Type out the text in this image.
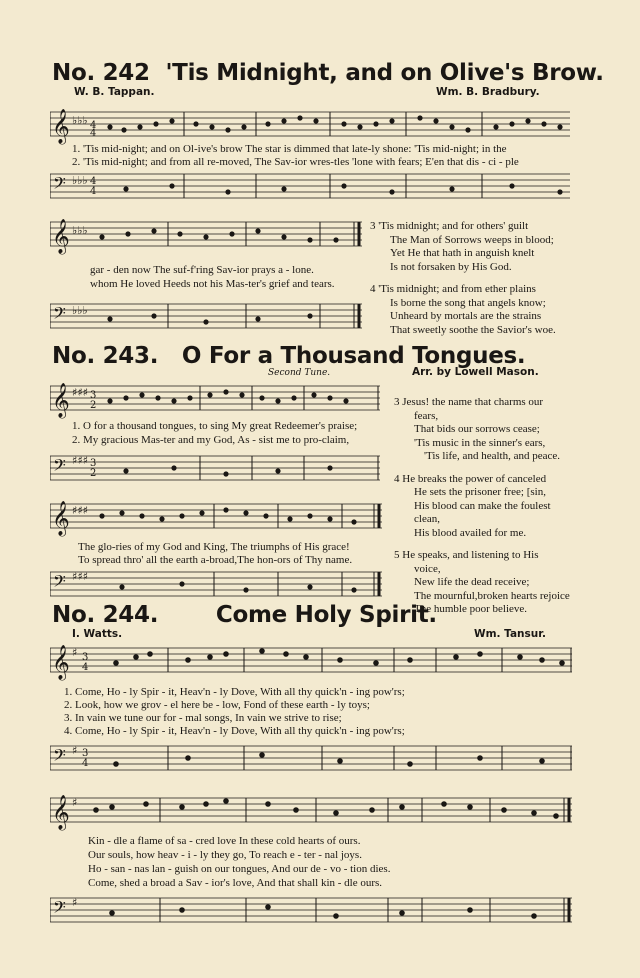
No. 242 'Tis Midnight, and on Olive's Brow.
W. B. Tappan.	Wm. B. Bradbury.
𝄞 ♭♭♭ 4
4
1. 'Tis mid-night; and on Ol-ive's brow The star is dimmed that late-ly shone: 'Tis mid-night; in the
2. 'Tis mid-night; and from all re-moved, The Sav-ior wres-tles 'lone with fears; E'en that dis - ci - ple
𝄢 ♭♭♭ 4
4
𝄞 ♭♭♭
gar - den now The suf-f'ring Sav-ior prays a - lone.
whom He loved Heeds not his Mas-ter's grief and tears.
𝄢 ♭♭♭
3 'Tis midnight; and for others' guilt
The Man of Sorrows weeps in blood;
Yet He that hath in anguish knelt
Is not forsaken by His God.
4 'Tis midnight; and from ether plains
Is borne the song that angels know;
Unheard by mortals are the strains
That sweetly soothe the Savior's woe.
No. 243. O For a Thousand Tongues.
Second Tune.	Arr. by Lowell Mason.
𝄞 ♯♯♯ 3
2
1. O for a thousand tongues, to sing My great Redeemer's praise;
2. My gracious Mas-ter and my God, As - sist me to pro-claim,
𝄢 ♯♯♯ 3
2
𝄞 ♯♯♯
The glo-ries of my God and King, The triumphs of His grace!
To spread thro' all the earth a-broad,The hon-ors of Thy name.
𝄢 ♯♯♯
3 Jesus! the name that charms our
fears,
That bids our sorrows cease;
'Tis music in the sinner's ears,
'Tis life, and health, and peace.
4 He breaks the power of canceled
He sets the prisoner free; [sin,
His blood can make the foulest
clean,
His blood availed for me.
5 He speaks, and listening to His
voice,
New life the dead receive;
The mournful,broken hearts rejoice
The humble poor believe.
No. 244.	Come Holy Spirit.
I. Watts.	Wm. Tansur.
𝄞 ♯ 3
4
1. Come, Ho - ly Spir - it, Heav'n - ly Dove, With all thy quick'n - ing pow'rs;
2. Look, how we grov - el here be - low, Fond of these earth - ly toys;
3. In vain we tune our for - mal songs, In vain we strive to rise;
4. Come, Ho - ly Spir - it, Heav'n - ly Dove, With all thy quick'n - ing pow'rs;
𝄢 ♯ 3
4
𝄞 ♯
Kin - dle a flame of sa - cred love In these cold hearts of ours.
Our souls, how heav - i - ly they go, To reach e - ter - nal joys.
Ho - san - nas lan - guish on our tongues, And our de - vo - tion dies.
Come, shed a broad a Sav - ior's love, And that shall kin - dle ours.
𝄢 ♯
